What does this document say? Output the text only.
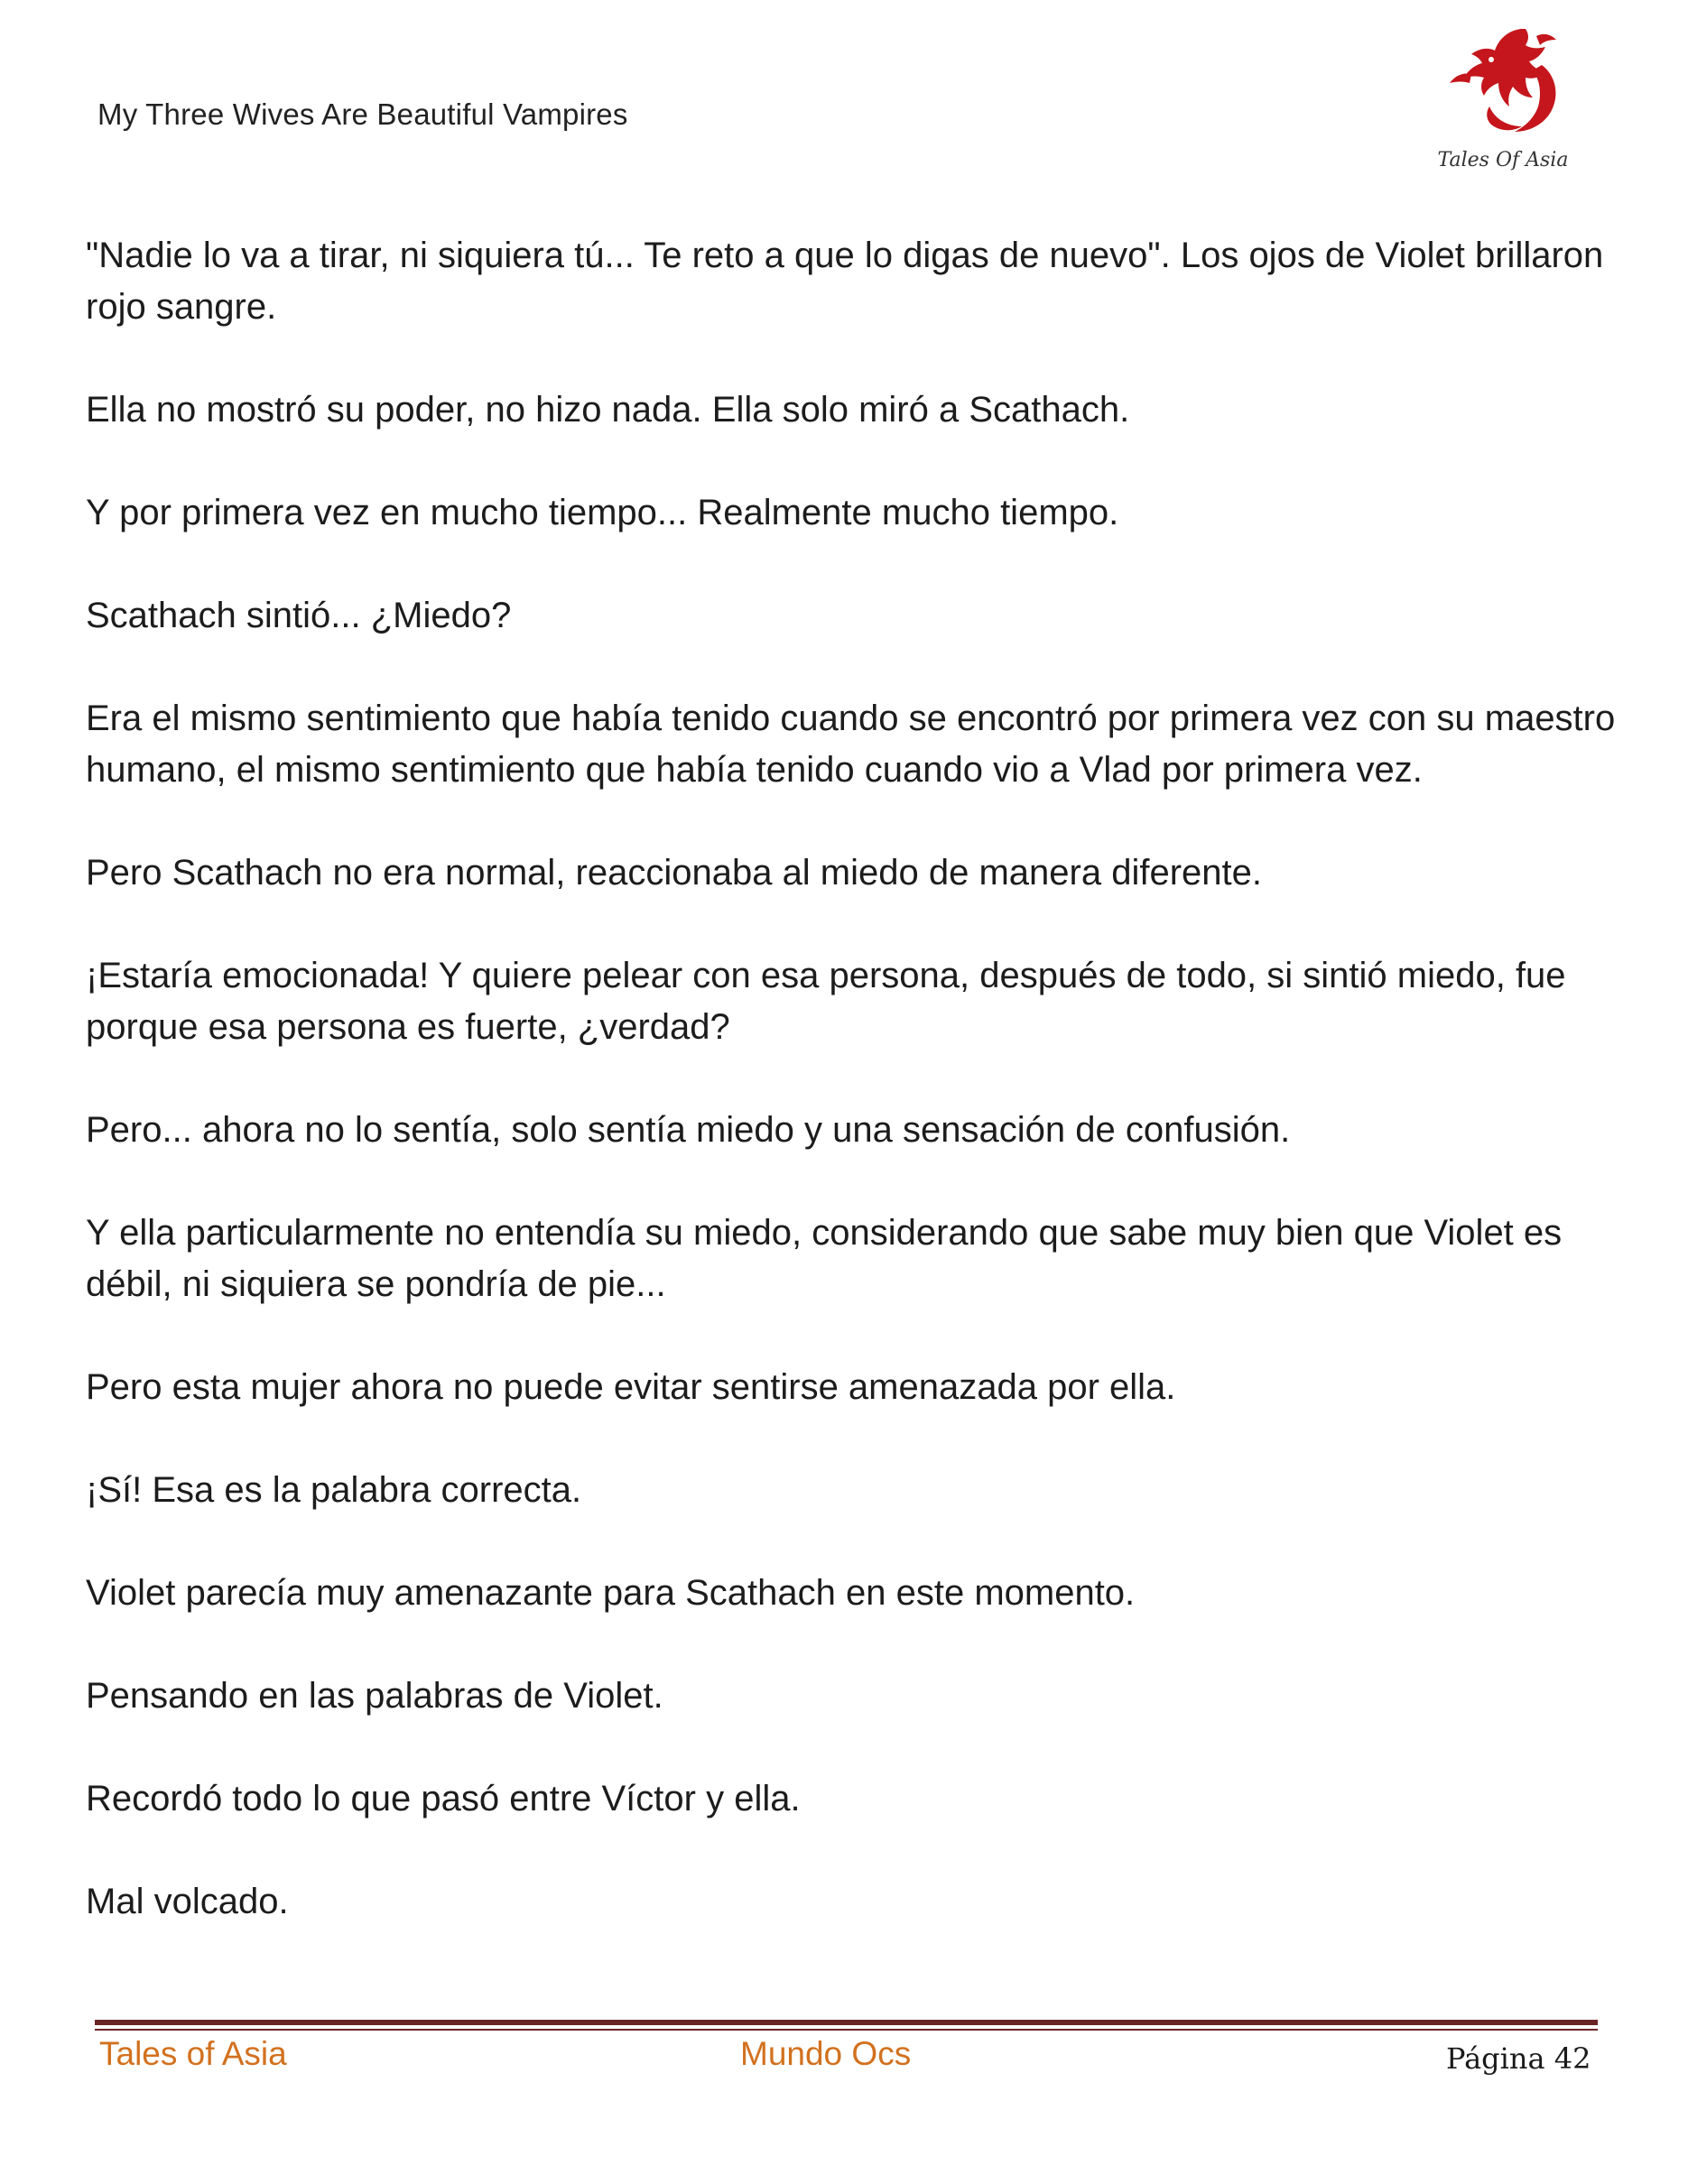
My Three Wives Are Beautiful Vampires
Tales Of Asia

"Nadie lo va a tirar, ni siquiera tú... Te reto a que lo digas de nuevo". Los ojos de Violet brillaron rojo sangre.

Ella no mostró su poder, no hizo nada. Ella solo miró a Scathach.

Y por primera vez en mucho tiempo... Realmente mucho tiempo.

Scathach sintió... ¿Miedo?

Era el mismo sentimiento que había tenido cuando se encontró por primera vez con su maestro humano, el mismo sentimiento que había tenido cuando vio a Vlad por primera vez.

Pero Scathach no era normal, reaccionaba al miedo de manera diferente.

¡Estaría emocionada! Y quiere pelear con esa persona, después de todo, si sintió miedo, fue porque esa persona es fuerte, ¿verdad?

Pero... ahora no lo sentía, solo sentía miedo y una sensación de confusión.

Y ella particularmente no entendía su miedo, considerando que sabe muy bien que Violet es débil, ni siquiera se pondría de pie...

Pero esta mujer ahora no puede evitar sentirse amenazada por ella.

¡Sí! Esa es la palabra correcta.

Violet parecía muy amenazante para Scathach en este momento.

Pensando en las palabras de Violet.

Recordó todo lo que pasó entre Víctor y ella.

Mal volcado.

Tales of Asia	Mundo Ocs	Página 42
